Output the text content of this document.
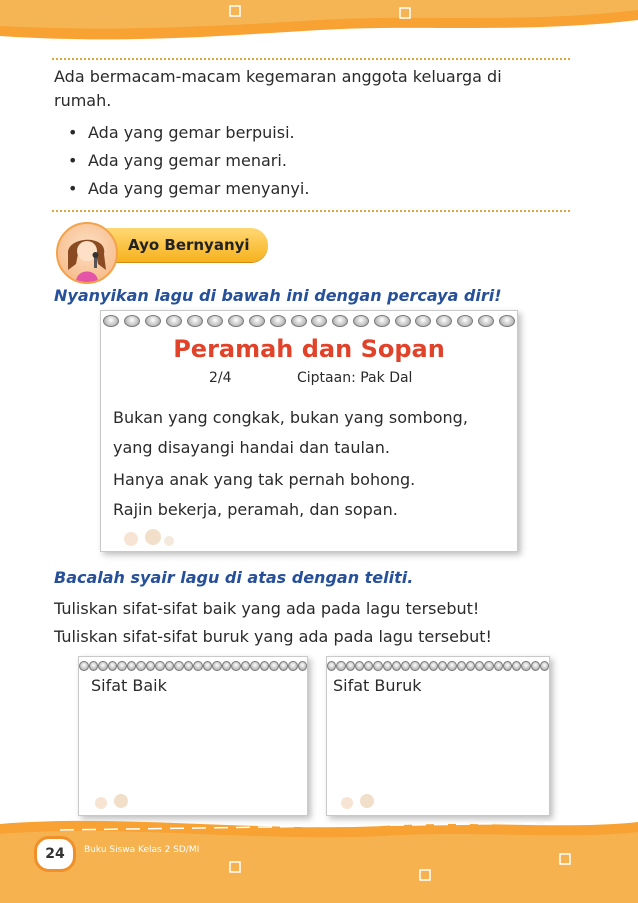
Ada bermacam-macam kegemaran anggota keluarga di
rumah.
• Ada yang gemar berpuisi.
• Ada yang gemar menari.
• Ada yang gemar menyanyi.
Ayo Bernyanyi
Nyanyikan lagu di bawah ini dengan percaya diri!
Peramah dan Sopan
2/4	Ciptaan: Pak Dal
Bukan yang congkak, bukan yang sombong,
yang disayangi handai dan taulan.
Hanya anak yang tak pernah bohong.
Rajin bekerja, peramah, dan sopan.
Bacalah syair lagu di atas dengan teliti.
Tuliskan sifat-sifat baik yang ada pada lagu tersebut!
Tuliskan sifat-sifat buruk yang ada pada lagu tersebut!
Sifat Baik	Sifat Buruk
24	Buku Siswa Kelas 2 SD/MI
